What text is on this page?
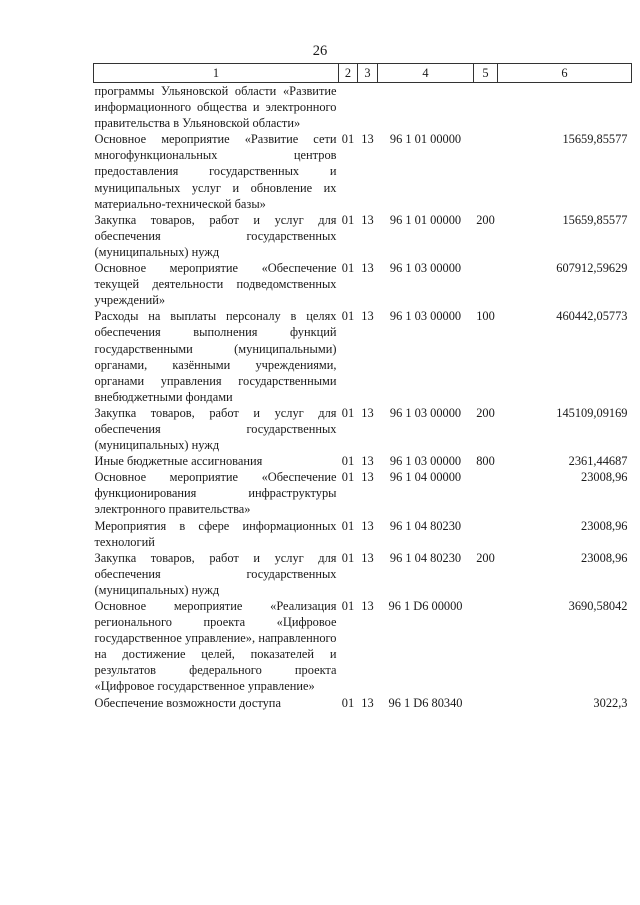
26
1	2	3	4	5	6
программы Ульяновской области «Развитие информационного общества и электронного правительства в Ульяновской области»					
Основное мероприятие «Развитие сети многофункциональных центров предоставления государственных и муниципальных услуг и обновление их материально-технической базы»	01	13	96 1 01 00000		15659,85577
Закупка товаров, работ и услуг для обеспечения государственных (муниципальных) нужд	01	13	96 1 01 00000	200	15659,85577
Основное мероприятие «Обеспечение текущей деятельности подведомственных учреждений»	01	13	96 1 03 00000		607912,59629
Расходы на выплаты персоналу в целях обеспечения выполнения функций государственными (муниципальными) органами, казёнными учреждениями, органами управления государственными внебюджетными фондами	01	13	96 1 03 00000	100	460442,05773
Закупка товаров, работ и услуг для обеспечения государственных (муниципальных) нужд	01	13	96 1 03 00000	200	145109,09169
Иные бюджетные ассигнования	01	13	96 1 03 00000	800	2361,44687
Основное мероприятие «Обеспечение функционирования инфраструктуры электронного правительства»	01	13	96 1 04 00000		23008,96
Мероприятия в сфере информационных технологий	01	13	96 1 04 80230		23008,96
Закупка товаров, работ и услуг для обеспечения государственных (муниципальных) нужд	01	13	96 1 04 80230	200	23008,96
Основное мероприятие «Реализация регионального проекта «Цифровое государственное управление», направленного на достижение целей, показателей и результатов федерального проекта «Цифровое государственное управление»	01	13	96 1 D6 00000		3690,58042
Обеспечение возможности доступа	01	13	96 1 D6 80340		3022,3
